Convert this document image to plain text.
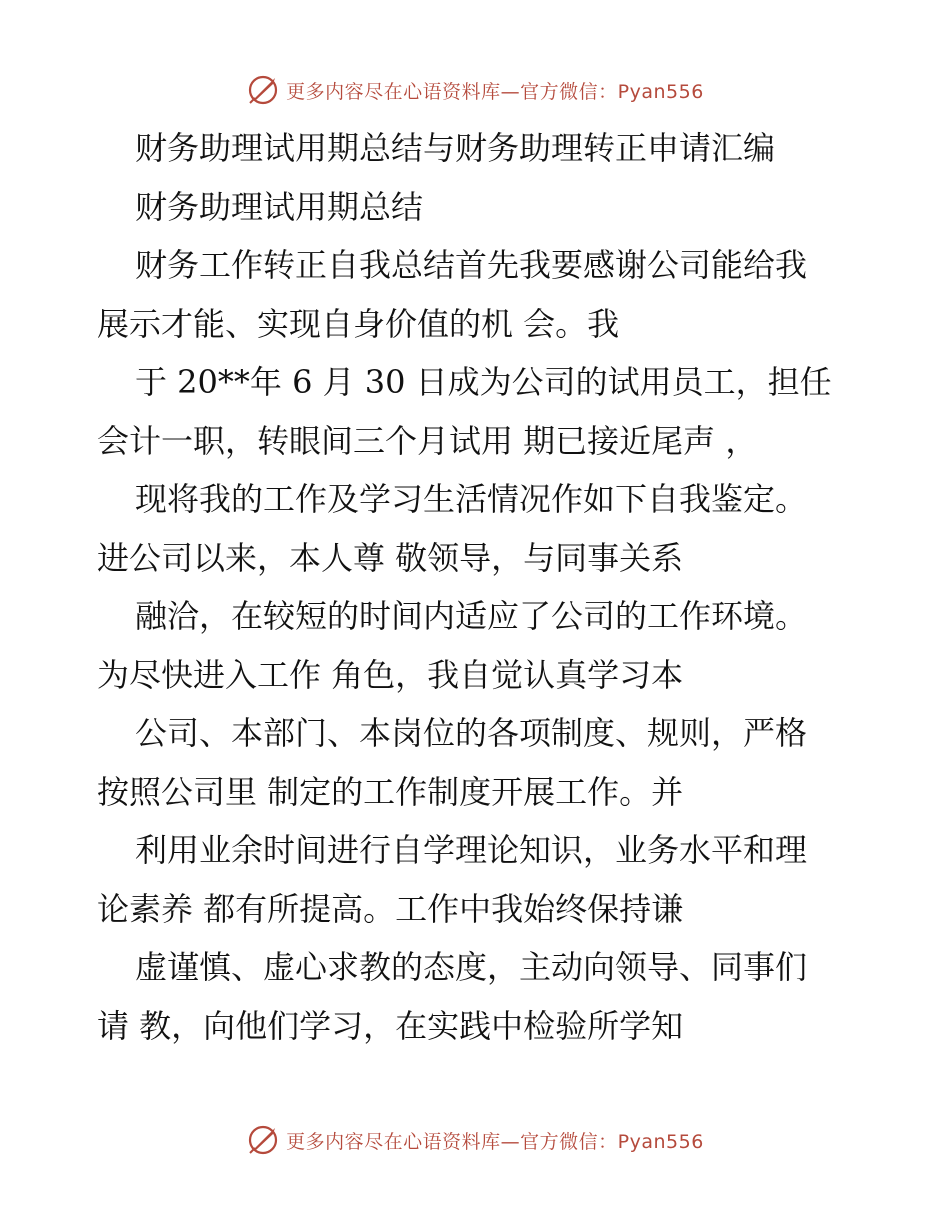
更多内容尽在心语资料库—官方微信：Pyan556
财务助理试用期总结与财务助理转正申请汇编
财务助理试用期总结
财务工作转正自我总结首先我要感谢公司能给我
展示才能、实现自身价值的机 会。我
于 20**年 6 月 30 日成为公司的试用员工，担任
会计一职，转眼间三个月试用 期已接近尾声 ，
现将我的工作及学习生活情况作如下自我鉴定。
进公司以来，本人尊 敬领导，与同事关系
融洽，在较短的时间内适应了公司的工作环境。
为尽快进入工作 角色，我自觉认真学习本
公司、本部门、本岗位的各项制度、规则，严格
按照公司里 制定的工作制度开展工作。并
利用业余时间进行自学理论知识，业务水平和理
论素养 都有所提高。工作中我始终保持谦
虚谨慎、虚心求教的态度，主动向领导、同事们
请 教，向他们学习，在实践中检验所学知
更多内容尽在心语资料库—官方微信：Pyan556
